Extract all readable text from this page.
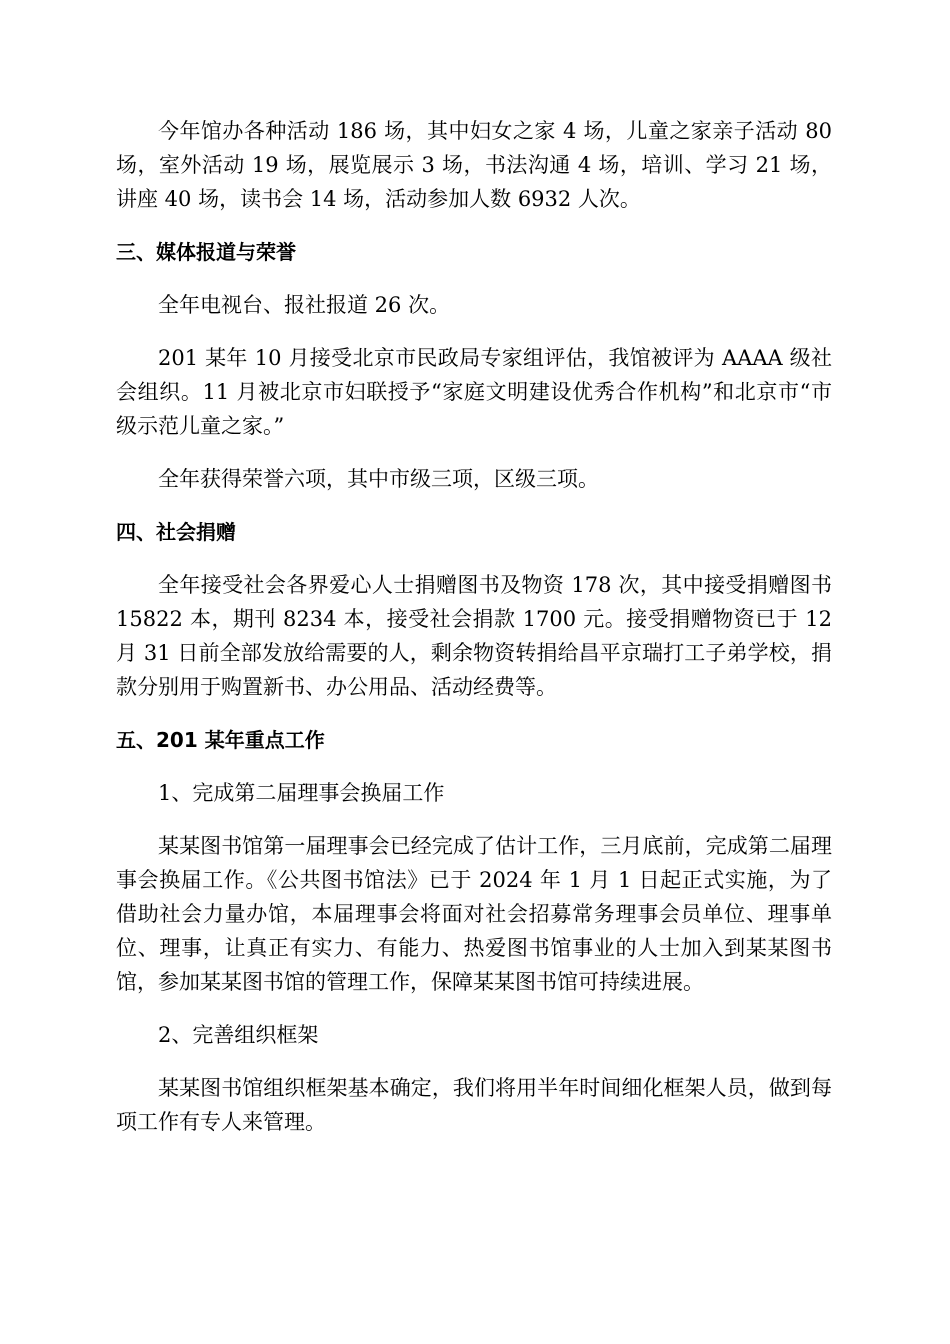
今年馆办各种活动 186 场，其中妇女之家 4 场，儿童之家亲子活动 80 场，室外活动 19 场，展览展示 3 场，书法沟通 4 场，培训、学习 21 场，讲座 40 场，读书会 14 场，活动参加人数 6932 人次。

三、媒体报道与荣誉

全年电视台、报社报道 26 次。

201 某年 10 月接受北京市民政局专家组评估，我馆被评为 AAAA 级社会组织。11 月被北京市妇联授予“家庭文明建设优秀合作机构”和北京市“市级示范儿童之家。”

全年获得荣誉六项，其中市级三项，区级三项。

四、社会捐赠

全年接受社会各界爱心人士捐赠图书及物资 178 次，其中接受捐赠图书 15822 本，期刊 8234 本，接受社会捐款 1700 元。接受捐赠物资已于 12 月 31 日前全部发放给需要的人，剩余物资转捐给昌平京瑞打工子弟学校，捐款分别用于购置新书、办公用品、活动经费等。

五、201 某年重点工作

1、完成第二届理事会换届工作

某某图书馆第一届理事会已经完成了估计工作，三月底前，完成第二届理事会换届工作。《公共图书馆法》已于 2024 年 1 月 1 日起正式实施，为了借助社会力量办馆，本届理事会将面对社会招募常务理事会员单位、理事单位、理事，让真正有实力、有能力、热爱图书馆事业的人士加入到某某图书馆，参加某某图书馆的管理工作，保障某某图书馆可持续进展。

2、完善组织框架

某某图书馆组织框架基本确定，我们将用半年时间细化框架人员，做到每项工作有专人来管理。
